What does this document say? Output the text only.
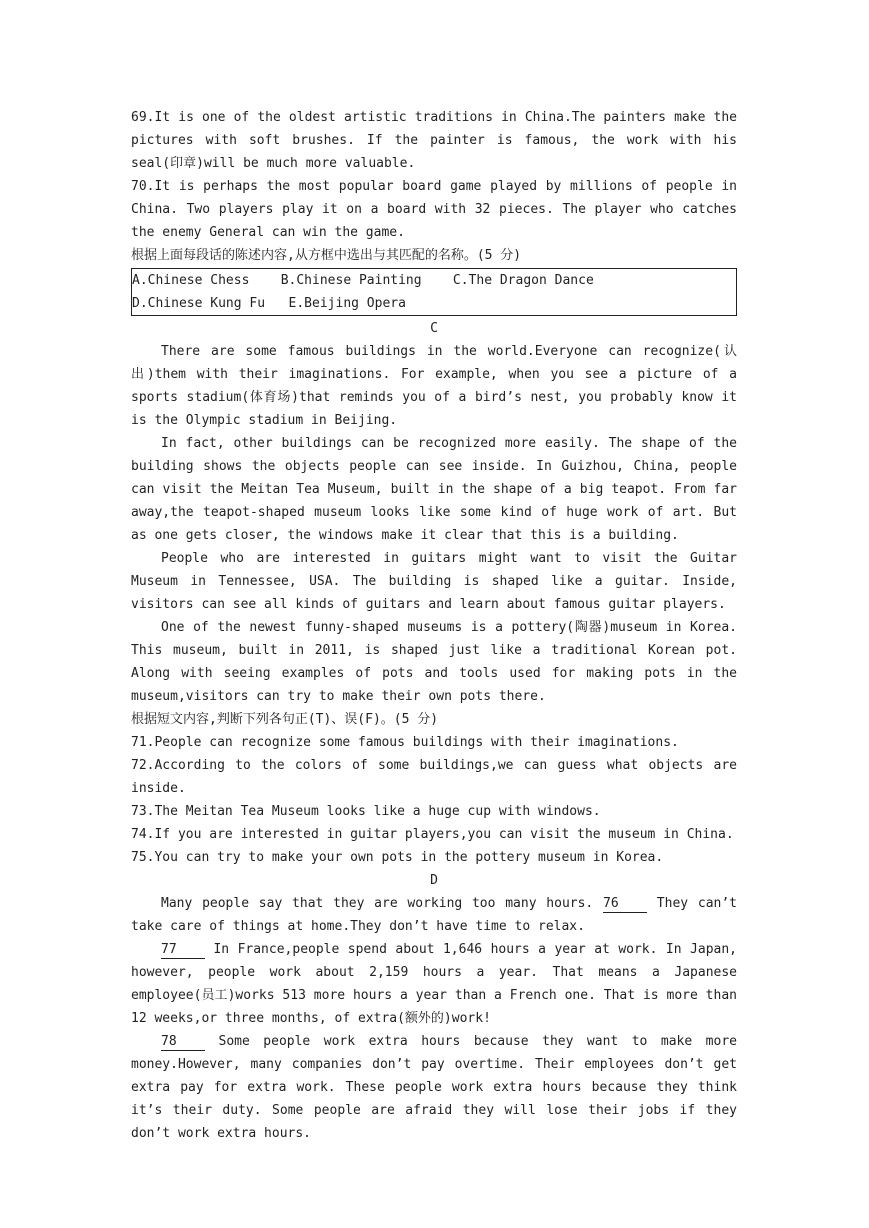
69.It is one of the oldest artistic traditions in China.The painters make the pictures with soft brushes. If the painter is famous, the work with his seal(印章)will be much more valuable.

70.It is perhaps the most popular board game played by millions of people in China. Two players play it on a board with 32 pieces. The player who catches the enemy General can win the game.

根据上面每段话的陈述内容,从方框中选出与其匹配的名称。(5 分)

A.Chinese Chess    B.Chinese Painting    C.The Dragon Dance
D.Chinese Kung Fu   E.Beijing Opera

C

There are some famous buildings in the world.Everyone can recognize(认出)them with their imaginations. For example, when you see a picture of a sports stadium(体育场)that reminds you of a bird’s nest, you probably know it is the Olympic stadium in Beijing.

In fact, other buildings can be recognized more easily. The shape of the building shows the objects people can see inside. In Guizhou, China, people can visit the Meitan Tea Museum, built in the shape of a big teapot. From far away,the teapot-shaped museum looks like some kind of huge work of art. But as one gets closer, the windows make it clear that this is a building.

People who are interested in guitars might want to visit the Guitar Museum in Tennessee, USA. The building is shaped like a guitar. Inside, visitors can see all kinds of guitars and learn about famous guitar players.

One of the newest funny-shaped museums is a pottery(陶器)museum in Korea. This museum, built in 2011, is shaped just like a traditional Korean pot. Along with seeing examples of pots and tools used for making pots in the museum,visitors can try to make their own pots there.

根据短文内容,判断下列各句正(T)、误(F)。(5 分)

71.People can recognize some famous buildings with their imaginations.

72.According to the colors of some buildings,we can guess what objects are inside.

73.The Meitan Tea Museum looks like a huge cup with windows.

74.If you are interested in guitar players,you can visit the museum in China.

75.You can try to make your own pots in the pottery museum in Korea.

D

Many people say that they are working too many hours. 76 They can’t take care of things at home.They don’t have time to relax.

77 In France,people spend about 1,646 hours a year at work. In Japan, however, people work about 2,159 hours a year. That means a Japanese employee(员工)works 513 more hours a year than a French one. That is more than 12 weeks,or three months, of extra(额外的)work!

78 Some people work extra hours because they want to make more money.However, many companies don’t pay overtime. Their employees don’t get extra pay for extra work. These people work extra hours because they think it’s their duty. Some people are afraid they will lose their jobs if they don’t work extra hours.
